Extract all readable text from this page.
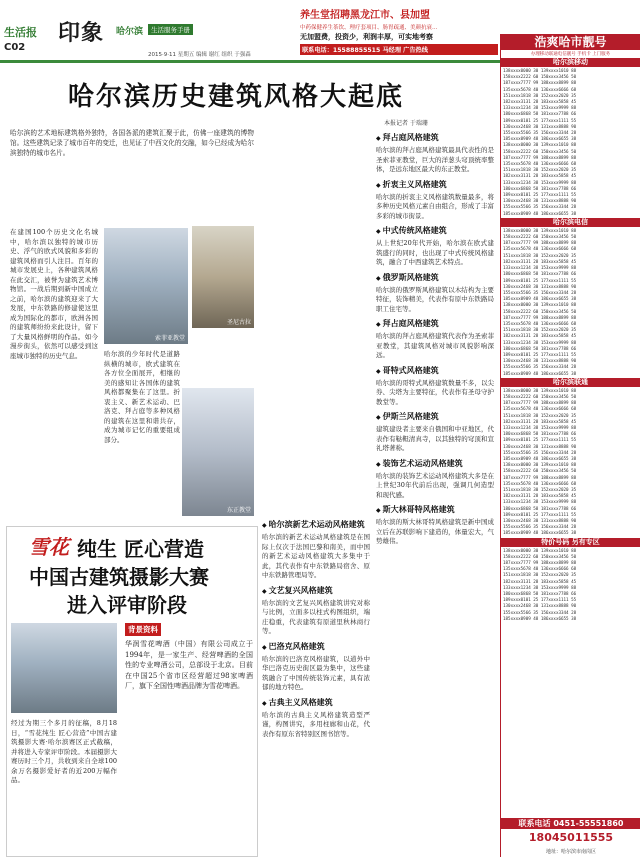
生活报
C02
印象 哈尔滨	生活服务手册
2015·9·11 星期五 编辑 谢红 组织 于强森
养生堂招聘黑龙江市、县加盟
中药保健养生茶饮、理疗套项目、肠胃疏通、美颜抗衰…
无加盟费，投资少，利润丰厚，可实地考察
联系电话：15588855515 马经理 广告热线
哈尔滨历史建筑风格大起底
本报记者 于瑞珊
哈尔滨的艺术地标建筑格外独特，各国各派的建筑汇聚于此，仿佛一座建筑的博物馆。这些建筑记录了城市百年的变迁，也见证了中西文化的交融，如今已经成为哈尔滨独特的城市名片。
在建国100个历史文化名城中，哈尔滨以独特的城市历史、浮气的欧式风貌和多彩的建筑风格而引人注目。百年的城市发展史上，各种建筑风格在此交汇，被誉为建筑艺术博物馆。一战后期到新中国成立之前，哈尔滨的建筑迎来了大发展，中东铁路的修建使这里成为国际化的都市，欧洲各国的建筑师纷纷来此设计，留下了大量风格鲜明的作品。如今漫步街头，依然可以感受到这座城市独特的历史气息。
索菲亚教堂
圣尼古拉
东正教堂
哈尔滨的少年时代是道路纵横的城市，欧式建筑在各方位全面展开，相继的美的感知让各国体的建筑风格都聚集在了这里。折衷主义、新艺术运动、巴洛克、拜占庭等多种风格的建筑在这里和谐共存，成为城市记忆的重要组成部分。
◆ 哈尔滨新艺术运动风格建筑
哈尔滨的新艺术运动风格建筑是在国际上仅次于法国巴黎和南美，而中国的新艺术运动风格建筑大多集中于此，其代表作有中东铁路局宿舍、原中东铁路管理局等。
◆ 文艺复兴风格建筑
哈尔滨的文艺复兴风格建筑讲究对称与比例，立面多以柱式构图组织，端庄稳重，代表建筑有原道里秋林商行等。
◆ 巴洛克风格建筑
哈尔滨的巴洛克风格建筑，以道外中华巴洛克历史街区最为集中，这些建筑融合了中国传统装饰元素，具有浓郁的地方特色。
◆ 古典主义风格建筑
哈尔滨的古典主义风格建筑造型严谨，构图讲究，多用柱廊和山花，代表作有原东省特别区图书馆等。
◆ 拜占庭风格建筑
哈尔滨的拜占庭风格建筑最具代表性的是圣索菲亚教堂，巨大的洋葱头穹顶统率整体，是远东地区最大的东正教堂。
◆ 折衷主义风格建筑
哈尔滨的折衷主义风格建筑数量最多，将多种历史风格元素自由组合，形成了丰富多彩的城市街景。
◆ 中式传统风格建筑
从上世纪20年代开始，哈尔滨在欧式建筑盛行的同时，也出现了中式传统风格建筑，融合了中西建筑艺术特点。
◆ 俄罗斯风格建筑
哈尔滨的俄罗斯风格建筑以木结构为主要特征，装饰精美，代表作有原中东铁路局职工住宅等。
◆ 拜占庭风格建筑
哈尔滨的拜占庭风格建筑代表作为圣索菲亚教堂，其建筑风格对城市风貌影响深远。
◆ 哥特式风格建筑
哈尔滨的哥特式风格建筑数量不多，以尖券、尖塔为主要特征，代表作有圣母守护教堂等。
◆ 伊斯兰风格建筑
建筑建设者主要来自俄国和中亚地区，代表作有鞑靼清真寺，以其独特的穹顶和宣礼塔著称。
◆ 装饰艺术运动风格建筑
哈尔滨的装饰艺术运动风格建筑大多是在上世纪30年代前后出现，强调几何造型和现代感。
◆ 斯大林哥特风格建筑
哈尔滨的斯大林哥特风格建筑是新中国成立后在苏联影响下建造的，体量宏大，气势雄伟。
雪花 纯生 匠心营造
中国古建筑摄影大赛
进入评审阶段
背景资料
经过为期三个多月的征稿，8月18日，“雪花纯生 匠心营造”中国古建筑摄影大赛·哈尔滨赛区正式截稿，并将进入专家评审阶段。本届摄影大赛历时三个月，共收到来自全球100余万名摄影爱好者的近200万幅作品。
华润雪花啤酒（中国）有限公司成立于1994年，是一家生产、经营啤酒的全国性的专业啤酒公司，总部设于北京。目前在中国25个省市区经营超过98家啤酒厂，旗下全国性啤酒品牌为雪花啤酒。
浩爽哈市靓号
办理移动联通电信靓号 手机卡 上门服务
哈尔滨移动
138xxxx0000 30 139xxxx1010 88
158xxxx2222 60 150xxxx3456 50
187xxxx7777 99 188xxxx8899 88
135xxxx5678 40 136xxxx6666 68
151xxxx1818 30 152xxxx2020 35
182xxxx3131 28 183xxxx5858 45
133xxxx1234 38 153xxxx9999 88
180xxxx6868 58 181xxxx7788 66
189xxxx0101 25 177xxxx1111 55
130xxxx2468 30 131xxxx8888 90
155xxxx5566 35 156xxxx3344 28
185xxxx0909 48 186xxxx6655 38
138xxxx0000 30 139xxxx1010 88
158xxxx2222 60 150xxxx3456 50
187xxxx7777 99 188xxxx8899 88
135xxxx5678 40 136xxxx6666 68
151xxxx1818 30 152xxxx2020 35
182xxxx3131 28 183xxxx5858 45
133xxxx1234 38 153xxxx9999 88
180xxxx6868 58 181xxxx7788 66
189xxxx0101 25 177xxxx1111 55
130xxxx2468 30 131xxxx8888 90
155xxxx5566 35 156xxxx3344 28
185xxxx0909 48 186xxxx6655 38
哈尔滨电信
138xxxx0000 30 139xxxx1010 88
158xxxx2222 60 150xxxx3456 50
187xxxx7777 99 188xxxx8899 88
135xxxx5678 40 136xxxx6666 68
151xxxx1818 30 152xxxx2020 35
182xxxx3131 28 183xxxx5858 45
133xxxx1234 38 153xxxx9999 88
180xxxx6868 58 181xxxx7788 66
189xxxx0101 25 177xxxx1111 55
130xxxx2468 30 131xxxx8888 90
155xxxx5566 35 156xxxx3344 28
185xxxx0909 48 186xxxx6655 38
138xxxx0000 30 139xxxx1010 88
158xxxx2222 60 150xxxx3456 50
187xxxx7777 99 188xxxx8899 88
135xxxx5678 40 136xxxx6666 68
151xxxx1818 30 152xxxx2020 35
182xxxx3131 28 183xxxx5858 45
133xxxx1234 38 153xxxx9999 88
180xxxx6868 58 181xxxx7788 66
189xxxx0101 25 177xxxx1111 55
130xxxx2468 30 131xxxx8888 90
155xxxx5566 35 156xxxx3344 28
185xxxx0909 48 186xxxx6655 38
哈尔滨联通
138xxxx0000 30 139xxxx1010 88
158xxxx2222 60 150xxxx3456 50
187xxxx7777 99 188xxxx8899 88
135xxxx5678 40 136xxxx6666 68
151xxxx1818 30 152xxxx2020 35
182xxxx3131 28 183xxxx5858 45
133xxxx1234 38 153xxxx9999 88
180xxxx6868 58 181xxxx7788 66
189xxxx0101 25 177xxxx1111 55
130xxxx2468 30 131xxxx8888 90
155xxxx5566 35 156xxxx3344 28
185xxxx0909 48 186xxxx6655 38
138xxxx0000 30 139xxxx1010 88
158xxxx2222 60 150xxxx3456 50
187xxxx7777 99 188xxxx8899 88
135xxxx5678 40 136xxxx6666 68
151xxxx1818 30 152xxxx2020 35
182xxxx3131 28 183xxxx5858 45
133xxxx1234 38 153xxxx9999 88
180xxxx6868 58 181xxxx7788 66
189xxxx0101 25 177xxxx1111 55
130xxxx2468 30 131xxxx8888 90
155xxxx5566 35 156xxxx3344 28
185xxxx0909 48 186xxxx6655 38
特价号码 另有专区
138xxxx0000 30 139xxxx1010 88
158xxxx2222 60 150xxxx3456 50
187xxxx7777 99 188xxxx8899 88
135xxxx5678 40 136xxxx6666 68
151xxxx1818 30 152xxxx2020 35
182xxxx3131 28 183xxxx5858 45
133xxxx1234 38 153xxxx9999 88
180xxxx6868 58 181xxxx7788 66
189xxxx0101 25 177xxxx1111 55
130xxxx2468 30 131xxxx8888 90
155xxxx5566 35 156xxxx3344 28
185xxxx0909 48 186xxxx6655 38
联系电话 0451-55551860
18045011555
地址：哈尔滨市南岗区
